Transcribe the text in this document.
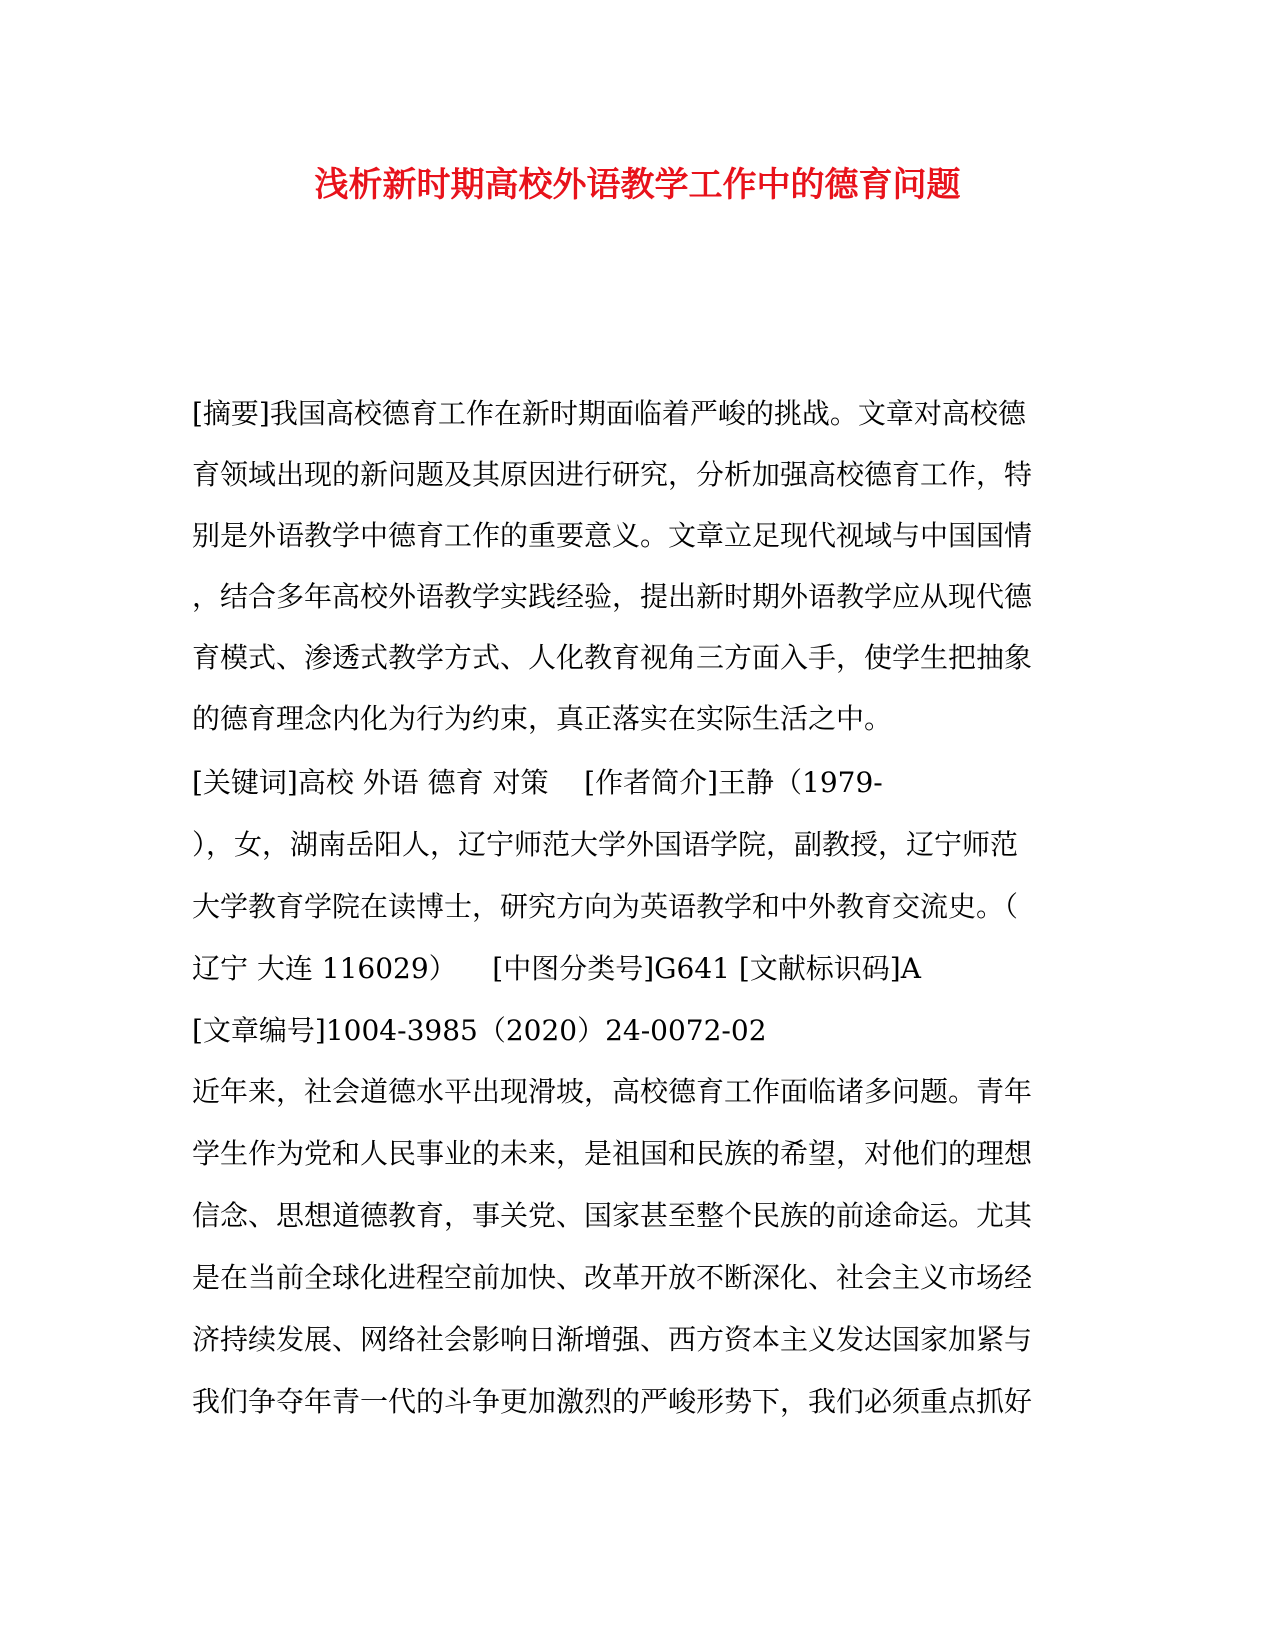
浅析新时期高校外语教学工作中的德育问题
[摘要]我国高校德育工作在新时期面临着严峻的挑战。文章对高校德
育领域出现的新问题及其原因进行研究，分析加强高校德育工作，特
别是外语教学中德育工作的重要意义。文章立足现代视域与中国国情
，结合多年高校外语教学实践经验，提出新时期外语教学应从现代德
育模式、渗透式教学方式、人化教育视角三方面入手，使学生把抽象
的德育理念内化为行为约束，真正落实在实际生活之中。
[关键词]高校 外语 德育 对策    [作者简介]王静（1979-
），女，湖南岳阳人，辽宁师范大学外国语学院，副教授，辽宁师范
大学教育学院在读博士，研究方向为英语教学和中外教育交流史。（
辽宁 大连 116029）    [中图分类号]G641 [文献标识码]A
[文章编号]1004-3985（2020）24-0072-02
近年来，社会道德水平出现滑坡，高校德育工作面临诸多问题。青年
学生作为党和人民事业的未来，是祖国和民族的希望，对他们的理想
信念、思想道德教育，事关党、国家甚至整个民族的前途命运。尤其
是在当前全球化进程空前加快、改革开放不断深化、社会主义市场经
济持续发展、网络社会影响日渐增强、西方资本主义发达国家加紧与
我们争夺年青一代的斗争更加激烈的严峻形势下，我们必须重点抓好
